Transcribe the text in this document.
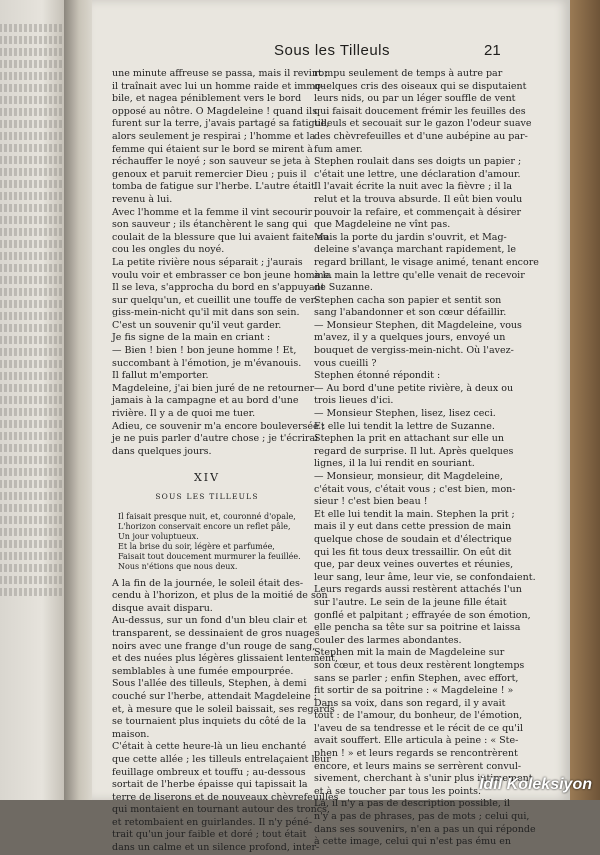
Sous les Tilleuls	21

une minute affreuse se passa, mais il revint ;

il traînait avec lui un homme raide et immo-

bile, et nagea péniblement vers le bord

opposé au nôtre. O Magdeleine ! quand ils

furent sur la terre, j'avais partagé sa fatigue,

alors seulement je respirai ; l'homme et la

femme qui étaient sur le bord se mirent à

réchauffer le noyé ; son sauveur se jeta à

genoux et paruit remercier Dieu ; puis il

tomba de fatigue sur l'herbe. L'autre était

revenu à lui.

Avec l'homme et la femme il vint secourir

son sauveur ; ils étanchèrent le sang qui

coulait de la blessure que lui avaient faite au

cou les ongles du noyé.

La petite rivière nous séparait ; j'aurais

voulu voir et embrasser ce bon jeune homme.

Il se leva, s'approcha du bord en s'appuyant

sur quelqu'un, et cueillit une touffe de ver-

giss-mein-nicht qu'il mit dans son sein.

C'est un souvenir qu'il veut garder.

Je fis signe de la main en criant :

— Bien ! bien ! bon jeune homme ! Et,

succombant à l'émotion, je m'évanouis.

Il fallut m'emporter.

Magdeleine, j'ai bien juré de ne retourner

jamais à la campagne et au bord d'une

rivière. Il y a de quoi me tuer.

Adieu, ce souvenir m'a encore bouleversée ;

je ne puis parler d'autre chose ; je t'écrirai

dans quelques jours.

XIV

SOUS LES TILLEULS

Il faisait presque nuit, et, couronné d'opale,

L'horizon conservait encore un reflet pâle,

Un jour voluptueux.

Et la brise du soir, légère et parfumée,

Faisait tout doucement murmurer la feuillée.

Nous n'étions que nous deux.

A la fin de la journée, le soleil était des-

cendu à l'horizon, et plus de la moitié de son

disque avait disparu.

Au-dessus, sur un fond d'un bleu clair et

transparent, se dessinaient de gros nuages

noirs avec une frange d'un rouge de sang,

et des nuées plus légères glissaient lentement,

semblables à une fumée empourprée.

Sous l'allée des tilleuls, Stephen, à demi

couché sur l'herbe, attendait Magdeleine ;

et, à mesure que le soleil baissait, ses regards

se tournaient plus inquiets du côté de la

maison.

C'était à cette heure-là un lieu enchanté

que cette allée ; les tilleuls entrelaçaient leur

feuillage ombreux et touffu ; au-dessous

sortait de l'herbe épaisse qui tapissait la

terre de liserons et de nouveaux chèvrefeuilles

qui montaient en tournant autour des troncs,

et retombaient en guirlandes. Il n'y péné-

trait qu'un jour faible et doré ; tout était

dans un calme et un silence profond, inter-

rompu seulement de temps à autre par

quelques cris des oiseaux qui se disputaient

leurs nids, ou par un léger souffle de vent

qui faisait doucement frémir les feuilles des

tilleuls et secouait sur le gazon l'odeur suave

des chèvrefeuilles et d'une aubépine au par-

fum amer.

Stephen roulait dans ses doigts un papier ;

c'était une lettre, une déclaration d'amour.

Il l'avait écrite la nuit avec la fièvre ; il la

relut et la trouva absurde. Il eût bien voulu

pouvoir la refaire, et commençait à désirer

que Magdeleine ne vînt pas.

Mais la porte du jardin s'ouvrit, et Mag-

deleine s'avança marchant rapidement, le

regard brillant, le visage animé, tenant encore

à la main la lettre qu'elle venait de recevoir

de Suzanne.

Stephen cacha son papier et sentit son

sang l'abandonner et son cœur défaillir.

— Monsieur Stephen, dit Magdeleine, vous

m'avez, il y a quelques jours, envoyé un

bouquet de vergiss-mein-nicht. Où l'avez-

vous cueilli ?

Stephen étonné répondit :

— Au bord d'une petite rivière, à deux ou

trois lieues d'ici.

— Monsieur Stephen, lisez, lisez ceci.

Et elle lui tendit la lettre de Suzanne.

Stephen la prit en attachant sur elle un

regard de surprise. Il lut. Après quelques

lignes, il la lui rendit en souriant.

— Monsieur, monsieur, dit Magdeleine,

c'était vous, c'était vous ; c'est bien, mon-

sieur ! c'est bien beau !

Et elle lui tendit la main. Stephen la prit ;

mais il y eut dans cette pression de main

quelque chose de soudain et d'électrique

qui les fit tous deux tressaillir. On eût dit

que, par deux veines ouvertes et réunies,

leur sang, leur âme, leur vie, se confondaient.

Leurs regards aussi restèrent attachés l'un

sur l'autre. Le sein de la jeune fille était

gonflé et palpitant ; effrayée de son émotion,

elle pencha sa tête sur sa poitrine et laissa

couler des larmes abondantes.

Stephen mit la main de Magdeleine sur

son cœur, et tous deux restèrent longtemps

sans se parler ; enfin Stephen, avec effort,

fit sortir de sa poitrine : « Magdeleine ! »

Dans sa voix, dans son regard, il y avait

tout : de l'amour, du bonheur, de l'émotion,

l'aveu de sa tendresse et le récit de ce qu'il

avait souffert. Elle articula à peine : « Ste-

phen ! » et leurs regards se rencontrèrent

encore, et leurs mains se serrèrent convul-

sivement, cherchant à s'unir plus intimement

et à se toucher par tous les points.

Là, il n'y a pas de description possible, il

n'y a pas de phrases, pas de mots ; celui qui,

dans ses souvenirs, n'en a pas un qui réponde

à cette image, celui qui n'est pas ému en

İdil Koleksiyon
